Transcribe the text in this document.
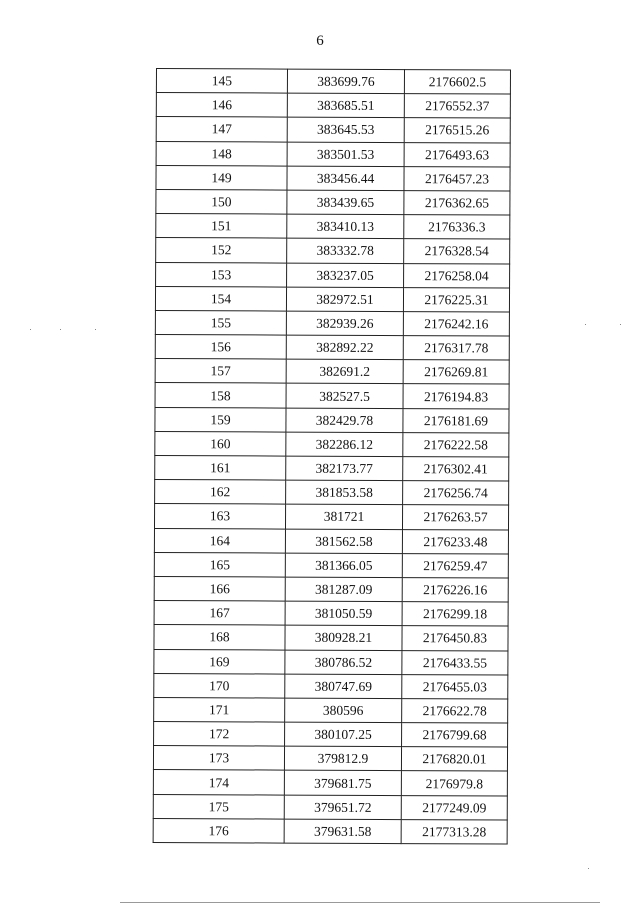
6
145	383699.76	2176602.5
146	383685.51	2176552.37
147	383645.53	2176515.26
148	383501.53	2176493.63
149	383456.44	2176457.23
150	383439.65	2176362.65
151	383410.13	2176336.3
152	383332.78	2176328.54
153	383237.05	2176258.04
154	382972.51	2176225.31
155	382939.26	2176242.16
156	382892.22	2176317.78
157	382691.2	2176269.81
158	382527.5	2176194.83
159	382429.78	2176181.69
160	382286.12	2176222.58
161	382173.77	2176302.41
162	381853.58	2176256.74
163	381721	2176263.57
164	381562.58	2176233.48
165	381366.05	2176259.47
166	381287.09	2176226.16
167	381050.59	2176299.18
168	380928.21	2176450.83
169	380786.52	2176433.55
170	380747.69	2176455.03
171	380596	2176622.78
172	380107.25	2176799.68
173	379812.9	2176820.01
174	379681.75	2176979.8
175	379651.72	2177249.09
176	379631.58	2177313.28
